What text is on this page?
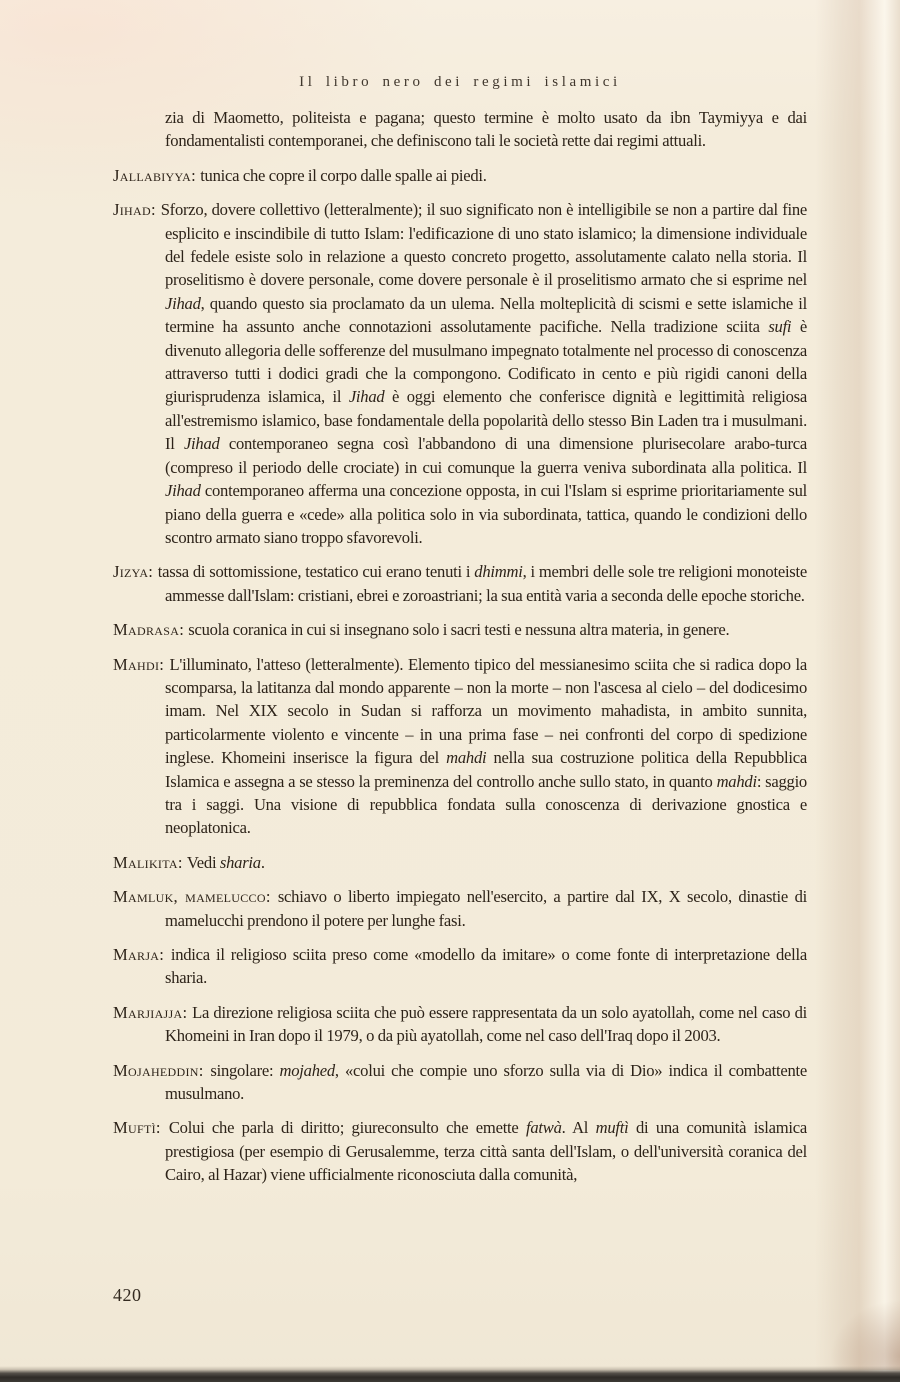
Il libro nero dei regimi islamici

zia di Maometto, politeista e pagana; questo termine è molto usato da ibn Taymiyya e dai fondamentalisti contemporanei, che definiscono tali le società rette dai regimi attuali.

Jallabiyya: tunica che copre il corpo dalle spalle ai piedi.

Jihad: Sforzo, dovere collettivo (letteralmente); il suo significato non è intelligibile se non a partire dal fine esplicito e inscindibile di tutto Islam: l'edificazione di uno stato islamico; la dimensione individuale del fedele esiste solo in relazione a questo concreto progetto, assolutamente calato nella storia. Il proselitismo è dovere personale, come dovere personale è il proselitismo armato che si esprime nel Jihad, quando questo sia proclamato da un ulema. Nella molteplicità di scismi e sette islamiche il termine ha assunto anche connotazioni assolutamente pacifiche. Nella tradizione sciita sufi è divenuto allegoria delle sofferenze del musulmano impegnato totalmente nel processo di conoscenza attraverso tutti i dodici gradi che la compongono. Codificato in cento e più rigidi canoni della giurisprudenza islamica, il Jihad è oggi elemento che conferisce dignità e legittimità religiosa all'estremismo islamico, base fondamentale della popolarità dello stesso Bin Laden tra i musulmani. Il Jihad contemporaneo segna così l'abbandono di una dimensione plurisecolare arabo-turca (compreso il periodo delle crociate) in cui comunque la guerra veniva subordinata alla politica. Il Jihad contemporaneo afferma una concezione opposta, in cui l'Islam si esprime prioritariamente sul piano della guerra e «cede» alla politica solo in via subordinata, tattica, quando le condizioni dello scontro armato siano troppo sfavorevoli.

Jizya: tassa di sottomissione, testatico cui erano tenuti i dhimmi, i membri delle sole tre religioni monoteiste ammesse dall'Islam: cristiani, ebrei e zoroastriani; la sua entità varia a seconda delle epoche storiche.

Madrasa: scuola coranica in cui si insegnano solo i sacri testi e nessuna altra materia, in genere.

Mahdi: L'illuminato, l'atteso (letteralmente). Elemento tipico del messianesimo sciita che si radica dopo la scomparsa, la latitanza dal mondo apparente – non la morte – non l'ascesa al cielo – del dodicesimo imam. Nel XIX secolo in Sudan si rafforza un movimento mahadista, in ambito sunnita, particolarmente violento e vincente – in una prima fase – nei confronti del corpo di spedizione inglese. Khomeini inserisce la figura del mahdi nella sua costruzione politica della Repubblica Islamica e assegna a se stesso la preminenza del controllo anche sullo stato, in quanto mahdi: saggio tra i saggi. Una visione di repubblica fondata sulla conoscenza di derivazione gnostica e neoplatonica.

Malikita: Vedi sharia.

Mamluk, mamelucco: schiavo o liberto impiegato nell'esercito, a partire dal IX, X secolo, dinastie di mamelucchi prendono il potere per lunghe fasi.

Marja: indica il religioso sciita preso come «modello da imitare» o come fonte di interpretazione della sharia.

Marjiajja: La direzione religiosa sciita che può essere rappresentata da un solo ayatollah, come nel caso di Khomeini in Iran dopo il 1979, o da più ayatollah, come nel caso dell'Iraq dopo il 2003.

Mojaheddin: singolare: mojahed, «colui che compie uno sforzo sulla via di Dio» indica il combattente musulmano.

Muftì: Colui che parla di diritto; giureconsulto che emette fatwà. Al muftì di una comunità islamica prestigiosa (per esempio di Gerusalemme, terza città santa dell'Islam, o dell'università coranica del Cairo, al Hazar) viene ufficialmente riconosciuta dalla comunità,

420
